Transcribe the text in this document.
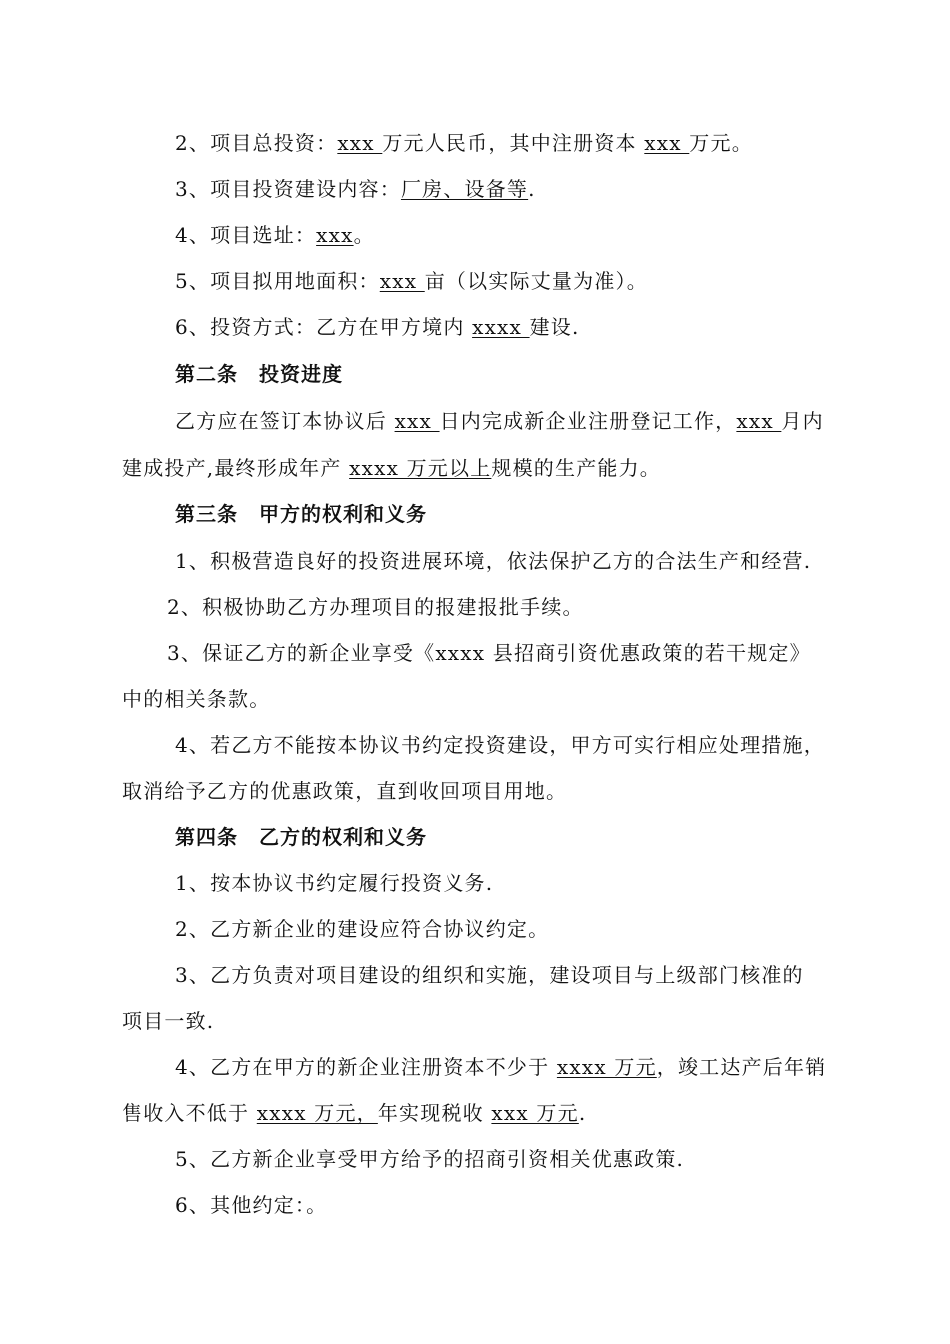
2、项目总投资：xxx 万元人民币，其中注册资本 xxx 万元。
3、项目投资建设内容：厂房、设备等.
4、项目选址：xxx。
5、项目拟用地面积：xxx 亩（以实际丈量为准）。
6、投资方式：乙方在甲方境内 xxxx 建设.
第二条　投资进度
乙方应在签订本协议后 xxx 日内完成新企业注册登记工作，xxx 月内
建成投产,最终形成年产 xxxx 万元以上规模的生产能力。
第三条　甲方的权利和义务
1、积极营造良好的投资进展环境，依法保护乙方的合法生产和经营.
2、积极协助乙方办理项目的报建报批手续。
3、保证乙方的新企业享受《xxxx 县招商引资优惠政策的若干规定》
中的相关条款。
4、若乙方不能按本协议书约定投资建设，甲方可实行相应处理措施，
取消给予乙方的优惠政策，直到收回项目用地。
第四条　乙方的权利和义务
1、按本协议书约定履行投资义务.
2、乙方新企业的建设应符合协议约定。
3、乙方负责对项目建设的组织和实施，建设项目与上级部门核准的
项目一致.
4、乙方在甲方的新企业注册资本不少于 xxxx 万元，竣工达产后年销
售收入不低于 xxxx 万元，年实现税收 xxx 万元.
5、乙方新企业享受甲方给予的招商引资相关优惠政策.
6、其他约定：。
